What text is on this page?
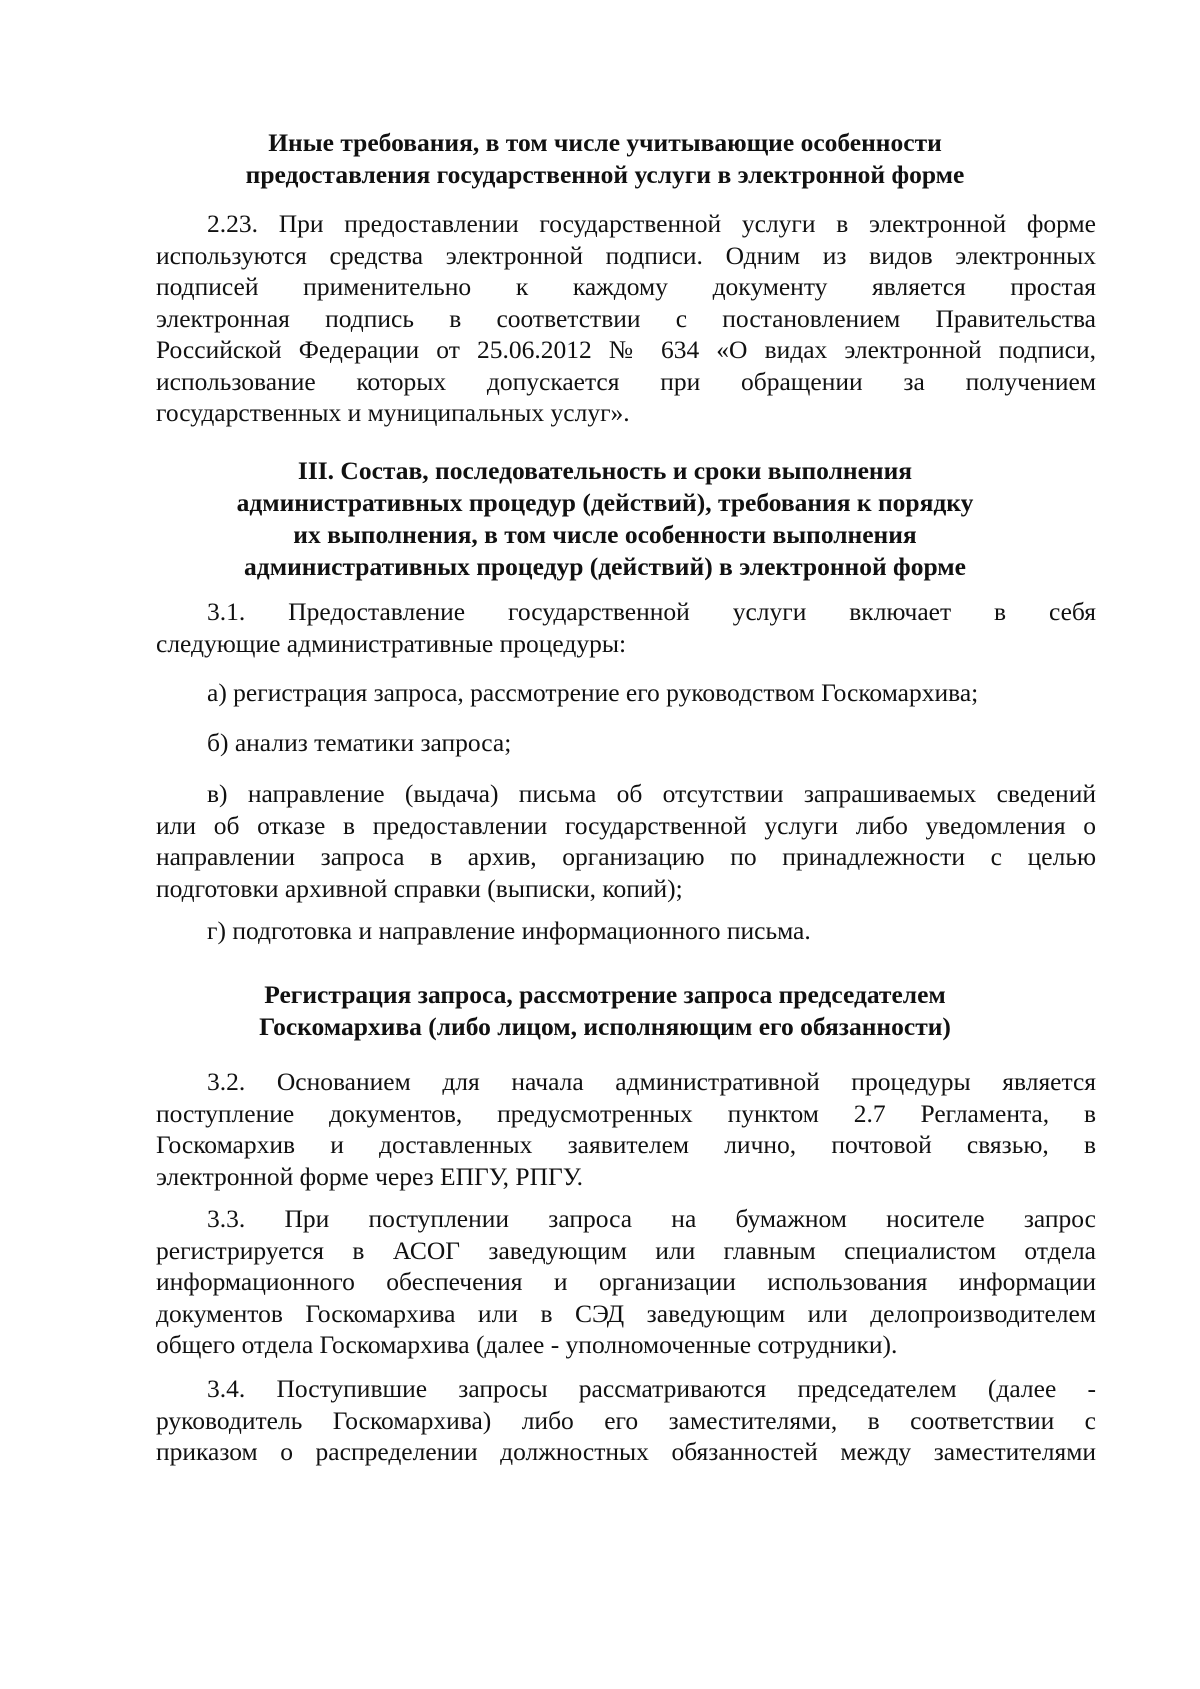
Иные требования, в том числе учитывающие особенности
предоставления государственной услуги в электронной форме
2.23. При предоставлении государственной услуги в электронной форме
используются средства электронной подписи. Одним из видов электронных
подписей применительно к каждому документу является простая
электронная подпись в соответствии с постановлением Правительства
Российской Федерации от 25.06.2012 № 634 «О видах электронной подписи,
использование которых допускается при обращении за получением
государственных и муниципальных услуг».
III. Состав, последовательность и сроки выполнения
административных процедур (действий), требования к порядку
их выполнения, в том числе особенности выполнения
административных процедур (действий) в электронной форме
3.1. Предоставление государственной услуги включает в себя
следующие административные процедуры:
а) регистрация запроса, рассмотрение его руководством Госкомархива;
б) анализ тематики запроса;
в) направление (выдача) письма об отсутствии запрашиваемых сведений
или об отказе в предоставлении государственной услуги либо уведомления о
направлении запроса в архив, организацию по принадлежности с целью
подготовки архивной справки (выписки, копий);
г) подготовка и направление информационного письма.
Регистрация запроса, рассмотрение запроса председателем
Госкомархива (либо лицом, исполняющим его обязанности)
3.2. Основанием для начала административной процедуры является
поступление документов, предусмотренных пунктом 2.7 Регламента, в
Госкомархив и доставленных заявителем лично, почтовой связью, в
электронной форме через ЕПГУ, РПГУ.
3.3. При поступлении запроса на бумажном носителе запрос
регистрируется в АСОГ заведующим или главным специалистом отдела
информационного обеспечения и организации использования информации
документов Госкомархива или в СЭД заведующим или делопроизводителем
общего отдела Госкомархива (далее - уполномоченные сотрудники).
3.4. Поступившие запросы рассматриваются председателем (далее -
руководитель Госкомархива) либо его заместителями, в соответствии с
приказом о распределении должностных обязанностей между заместителями
